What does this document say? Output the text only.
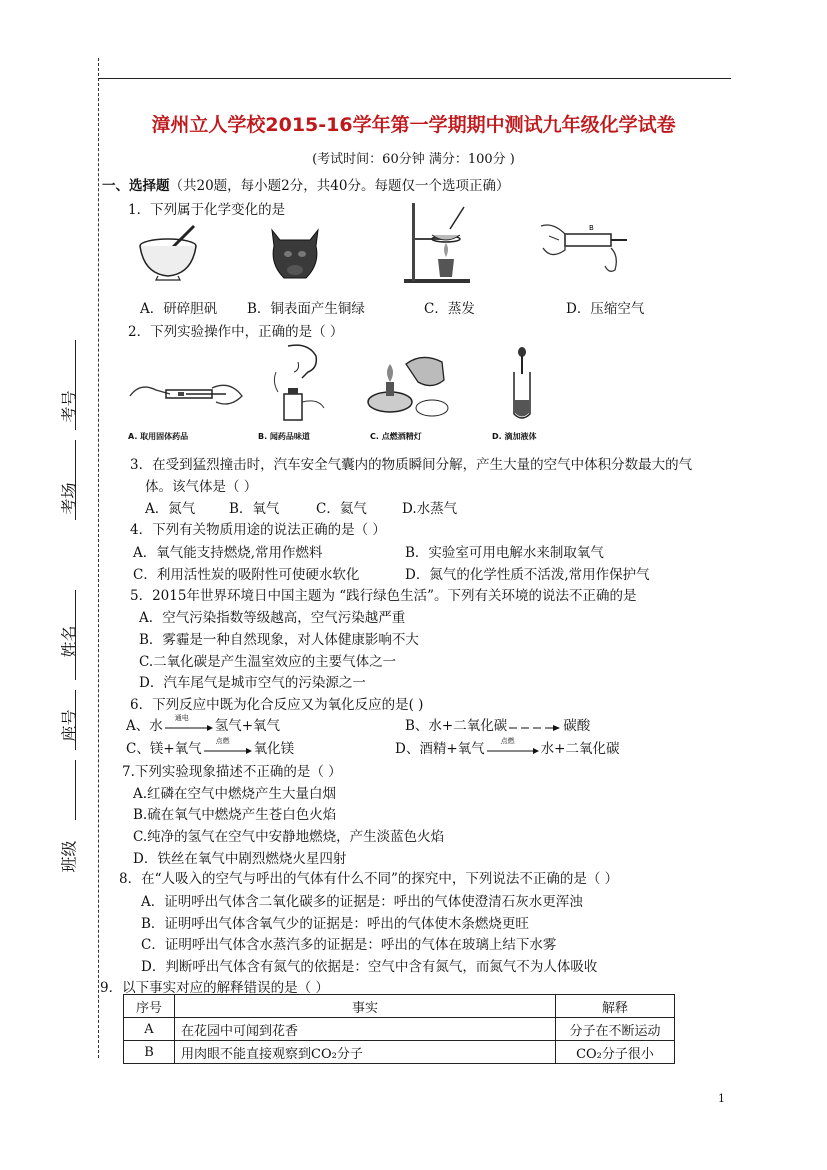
考号
考场
姓名
座号
班级
漳州立人学校2015-16学年第一学期期中测试九年级化学试卷
(考试时间：60分钟 满分：100分 )
一、选择题（共20题，每小题2分，共40分。每题仅一个选项正确）
1．下列属于化学变化的是
B
A．研碎胆矾 B．铜表面产生铜绿	C．蒸发	D．压缩空气
2．下列实验操作中，正确的是（ ）
A. 取用固体药品	B. 闻药品味道	C. 点燃酒精灯	D. 滴加液体
3．在受到猛烈撞击时，汽车安全气囊内的物质瞬间分解，产生大量的空气中体积分数最大的气
体。该气体是（ ）
A．氮气	B．氧气	C．氦气	D.水蒸气
4．下列有关物质用途的说法正确的是（ ）
A．氧气能支持燃烧,常用作燃料	B．实验室可用电解水来制取氧气
C．利用活性炭的吸附性可使硬水软化	D．氮气的化学性质不活泼,常用作保护气
5．2015年世界环境日中国主题为 “践行绿色生活”。下列有关环境的说法不正确的是
A．空气污染指数等级越高，空气污染越严重
B．雾霾是一种自然现象，对人体健康影响不大
C.二氧化碳是产生温室效应的主要气体之一
D．汽车尾气是城市空气的污染源之一
6．下列反应中既为化合反应又为氧化反应的是( )
A、水
通电
氢气+氧气	B、水+二氧化碳	碳酸
C、镁+氧气
点燃
氧化镁	D、酒精+氧气
点燃
水+二氧化碳
7.下列实验现象描述不正确的是（ ）
A.红磷在空气中燃烧产生大量白烟
B.硫在氧气中燃烧产生苍白色火焰
C.纯净的氢气在空气中安静地燃烧，产生淡蓝色火焰
D．铁丝在氧气中剧烈燃烧火星四射
8．在“人吸入的空气与呼出的气体有什么不同”的探究中，下列说法不正确的是（ ）
A．证明呼出气体含二氧化碳多的证据是：呼出的气体使澄清石灰水更浑浊
B．证明呼出气体含氧气少的证据是：呼出的气体使木条燃烧更旺
C．证明呼出气体含水蒸汽多的证据是：呼出的气体在玻璃上结下水雾
D．判断呼出气体含有氮气的依据是：空气中含有氮气，而氮气不为人体吸收
9．以下事实对应的解释错误的是（ ）
序号	事实	解释
A	在花园中可闻到花香	分子在不断运动
B	用肉眼不能直接观察到CO₂分子	CO₂分子很小
1
